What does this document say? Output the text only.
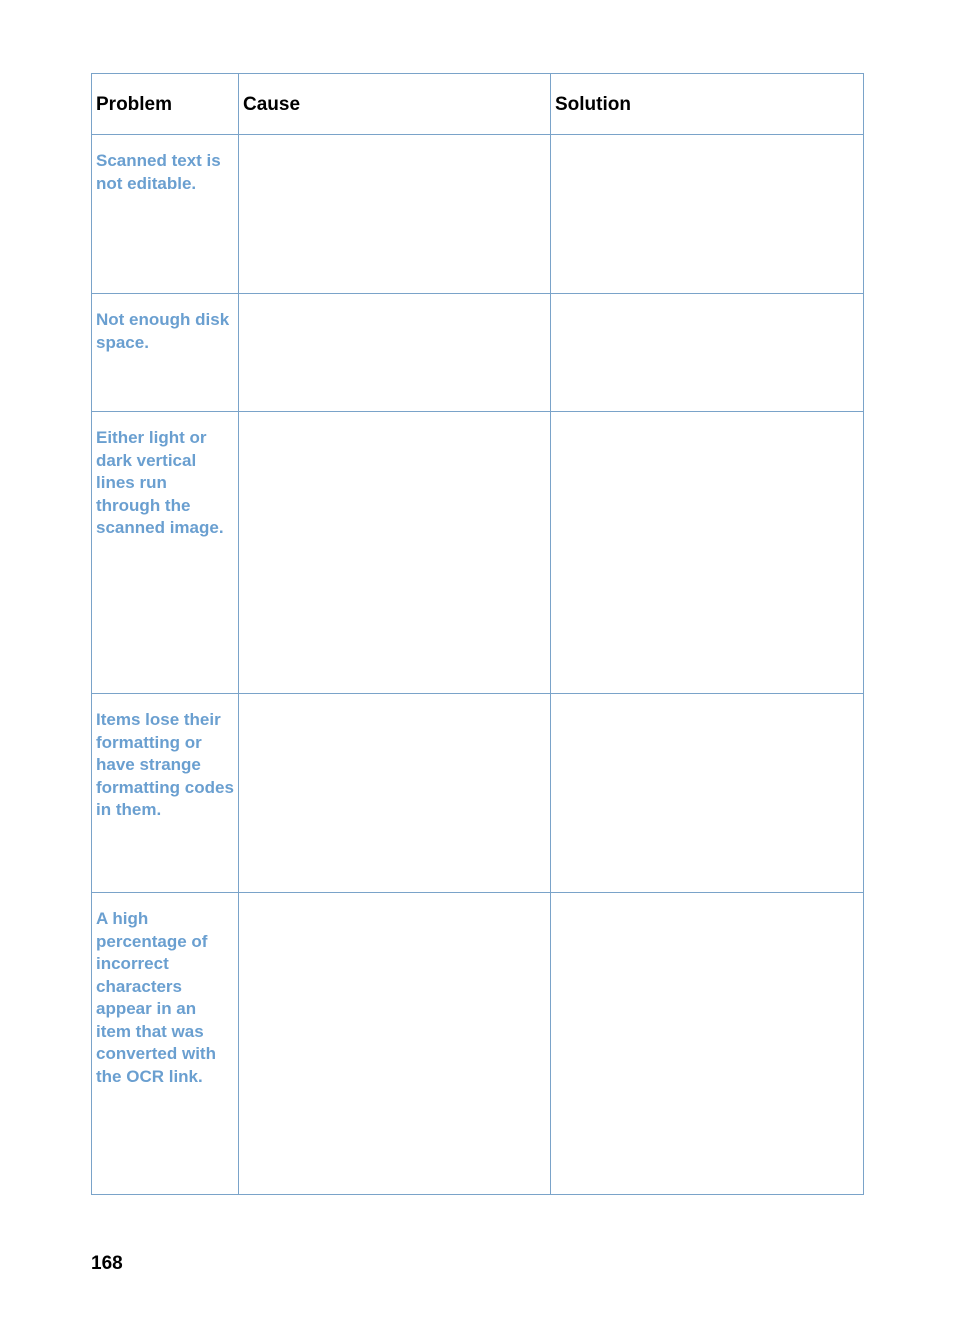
Problem	Cause	Solution

Scanned text is not editable.		

Not enough disk space.		

Either light or dark vertical lines run through the scanned image.		

Items lose their formatting or have strange formatting codes in them.		

A high percentage of incorrect characters appear in an item that was converted with the OCR link.		

168
